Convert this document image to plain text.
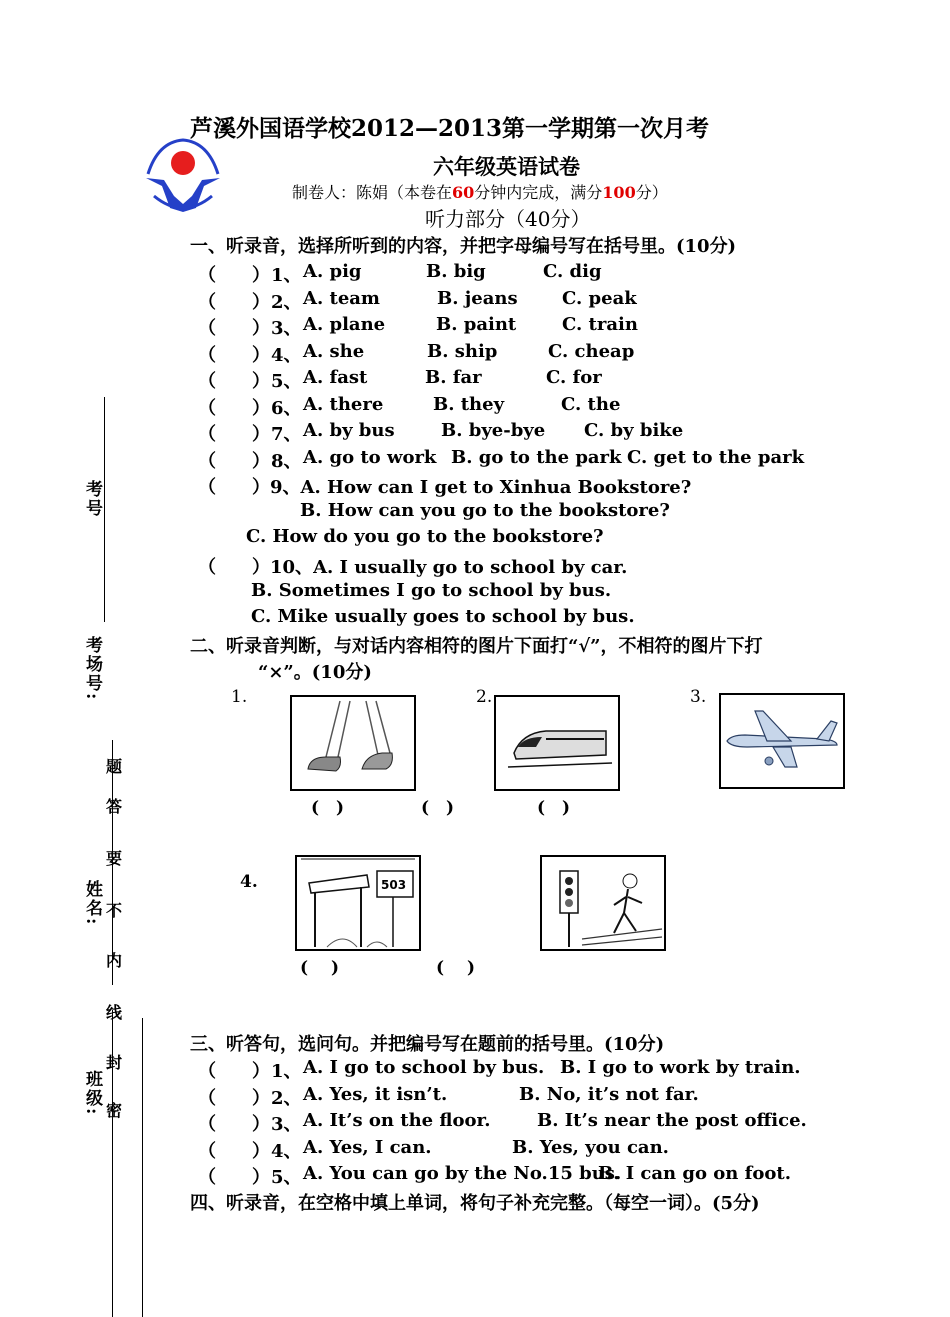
芦溪外国语学校2012—2013第一学期第一次月考
六年级英语试卷
制卷人：陈娟（本卷在60分钟内完成，满分100分）
听力部分（40分）
一、听录音，选择所听到的内容，并把字母编号写在括号里。(10分)
（　　） 1、 A. pig	B. big	C. dig
（　　） 2、 A. team	B. jeans C. peak
（　　） 3、 A. plane	B. paint	C. train
（　　） 4、 A. she	B. ship	C. cheap
（　　） 5、 A. fast	B. far	C. for
（　　） 6、 A. there	B. they	C. the
（　　） 7、 A. by bus	B. bye-bye C. by bike
（　　） 8、 A. go to work B. go to the park C. get to the park
（　　）9、A. How can I get to Xinhua Bookstore?
B. How can you go to the bookstore?
C. How do you go to the bookstore?
（　　）10、A. I usually go to school by car.
B. Sometimes I go to school by bus.
C. Mike usually goes to school by bus.
二、听录音判断，与对话内容相符的图片下面打“√”，不相符的图片下打
“×”。(10分)
1.	2.	3.
4.
(　)	(　)	(　)
503
(　 )	(　 )
三、听答句，选问句。并把编号写在题前的括号里。(10分)
（　　） 1、 A. I go to school by bus. B. I go to work by train.
（　　） 2、 A. Yes, it isn’t.	B. No, it’s not far.
（　　） 3、 A. It’s on the floor.	B. It’s near the post office.
（　　） 4、 A. Yes, I can.	B. Yes, you can.
（　　） 5、 A. You can go by the No.15 bus.
B. I can go on foot.
四、听录音，在空格中填上单词，将句子补充完整。（每空一词）。(5分)
考号
考场号:
姓名:
班级:
题
答
要
不
内
线
封
密
